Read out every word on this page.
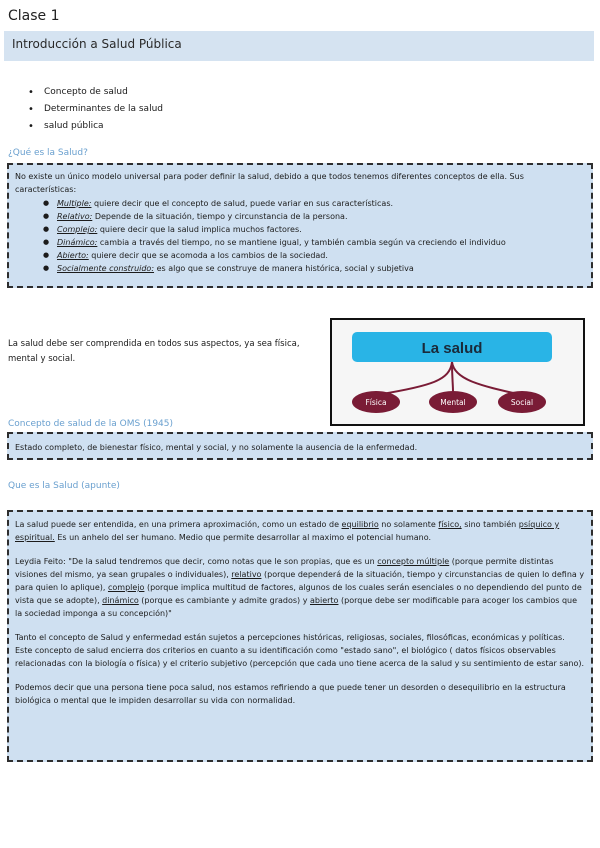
Clase 1
Introducción a Salud Pública
• Concepto de salud
• Determinantes de la salud
• salud pública
¿Qué es la Salud?
No existe un único modelo universal para poder definir la salud, debido a que todos tenemos diferentes conceptos de ella. Sus características:
● Multiple: quiere decir que el concepto de salud, puede variar en sus características.
● Relativo: Depende de la situación, tiempo y circunstancia de la persona.
● Complejo: quiere decir que la salud implica muchos factores.
● Dinámico: cambia a través del tiempo, no se mantiene igual, y también cambia según va creciendo el individuo
● Abierto: quiere decir que se acomoda a los cambios de la sociedad.
● Socialmente construido: es algo que se construye de manera histórica, social y subjetiva
La salud debe ser comprendida en todos sus aspectos, ya sea física, mental y social.
La salud
Física	Mental	Social
Concepto de salud de la OMS (1945)
Estado completo, de bienestar físico, mental y social, y no solamente la ausencia de la enfermedad.
Que es la Salud (apunte)

La salud puede ser entendida, en una primera aproximación, como un estado de equilibrio no solamente físico, sino también psíquico y espiritual. Es un anhelo del ser humano. Medio que permite desarrollar al maximo el potencial humano.

Leydia Feito: "De la salud tendremos que decir, como notas que le son propias, que es un concepto múltiple (porque permite distintas visiones del mismo, ya sean grupales o individuales), relativo (porque dependerá de la situación, tiempo y circunstancias de quien lo defina y para quien lo aplique), complejo (porque implica multitud de factores, algunos de los cuales serán esenciales o no dependiendo del punto de vista que se adopte), dinámico (porque es cambiante y admite grados) y abierto (porque debe ser modificable para acoger los cambios que la sociedad imponga a su concepción)"

Tanto el concepto de Salud y enfermedad están sujetos a percepciones históricas, religiosas, sociales, filosóficas, económicas y políticas.

Este concepto de salud encierra dos criterios en cuanto a su identificación como "estado sano", el biológico ( datos físicos observables relacionadas con la biología o física) y el criterio subjetivo (percepción que cada uno tiene acerca de la salud y su sentimiento de estar sano).

Podemos decir que una persona tiene poca salud, nos estamos refiriendo a que puede tener un desorden o desequilibrio en la estructura biológica o mental que le impiden desarrollar su vida con normalidad.
